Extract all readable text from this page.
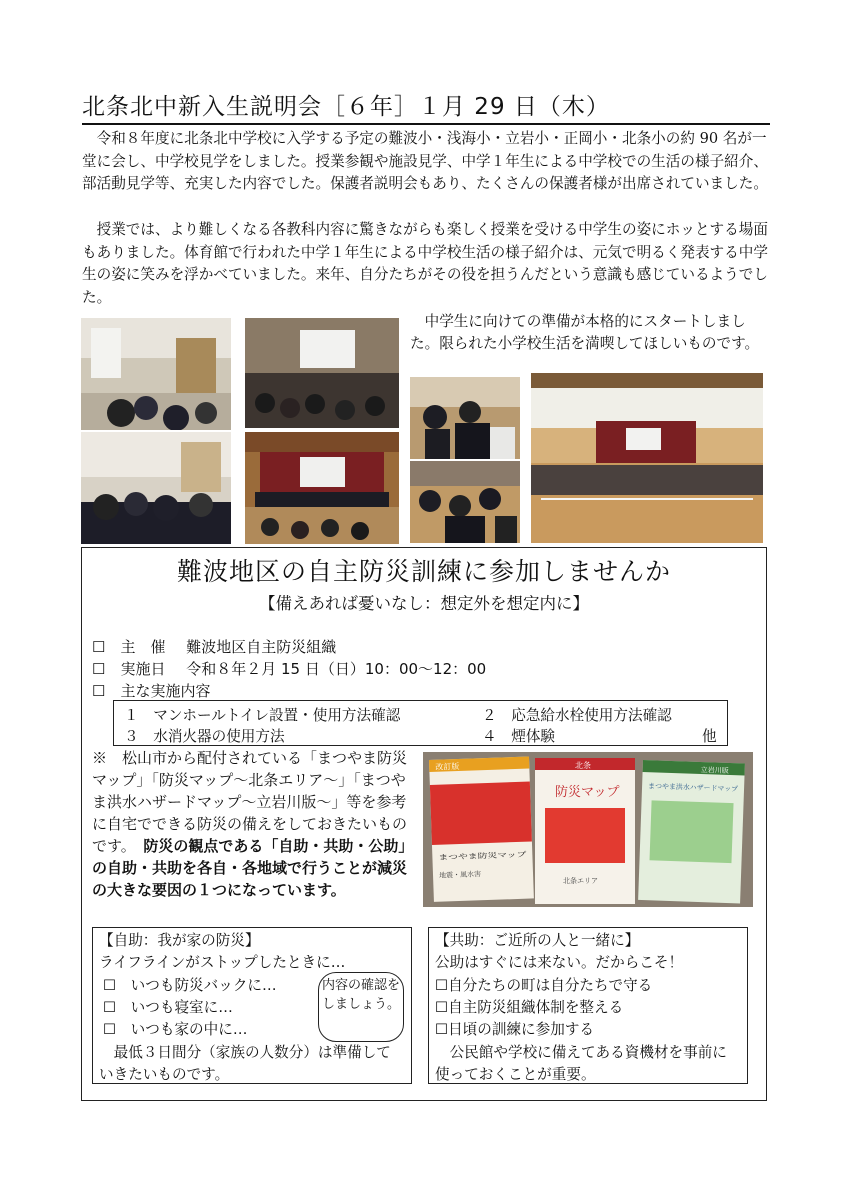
北条北中新入生説明会［６年］１月 29 日（木）

令和８年度に北条北中学校に入学する予定の難波小・浅海小・立岩小・正岡小・北条小の約 90 名が一堂に会し、中学校見学をしました。授業参観や施設見学、中学１年生による中学校での生活の様子紹介、部活動見学等、充実した内容でした。保護者説明会もあり、たくさんの保護者様が出席されていました。

授業では、より難しくなる各教科内容に驚きながらも楽しく授業を受ける中学生の姿にホッとする場面もありました。体育館で行われた中学１年生による中学校生活の様子紹介は、元気で明るく発表する中学生の姿に笑みを浮かべていました。来年、自分たちがその役を担うんだという意識も感じているようでした。

中学生に向けての準備が本格的にスタートしました。限られた小学校生活を満喫してほしいものです。

難波地区の自主防災訓練に参加しませんか
【備えあれば憂いなし：想定外を想定内に】
☐　主　催 難波地区自主防災組織
☐　実施日 令和８年２月 15 日（日）10：00～12：00
☐　主な実施内容
１　 マンホールトイレ設置・使用方法確認	２　 応急給水栓使用方法確認
３　 水消火器の使用方法	４　 煙体験	他

※　 松山市から配付されている「まつやま防災マップ」「防災マップ～北条エリア～」「まつやま洪水ハザードマップ～立岩川版～」等を参考に自宅でできる防災の備えをしておきたいものです。　 防災の観点である「自助・共助・公助」の自助・共助を各自・各地域で行うことが減災の大きな要因の１つになっています。

改訂版
まつやま防災マップ
地震・風水害
北条
防災マップ
北条エリア
まつやま洪水ハザードマップ
立岩川版
【自助：我が家の防災】
ライフラインがストップしたときに…
☐　いつも防災バックに…
☐　いつも寝室に…
☐　いつも家の中に…
最低３日間分（家族の人数分）は準備していきたいものです。
内容の確認をしましょう。
【共助：ご近所の人と一緒に】
公助はすぐには来ない。だからこそ！
☐自分たちの町は自分たちで守る
☐自主防災組織体制を整える
☐日頃の訓練に参加する
公民館や学校に備えてある資機材を事前に使っておくことが重要。
